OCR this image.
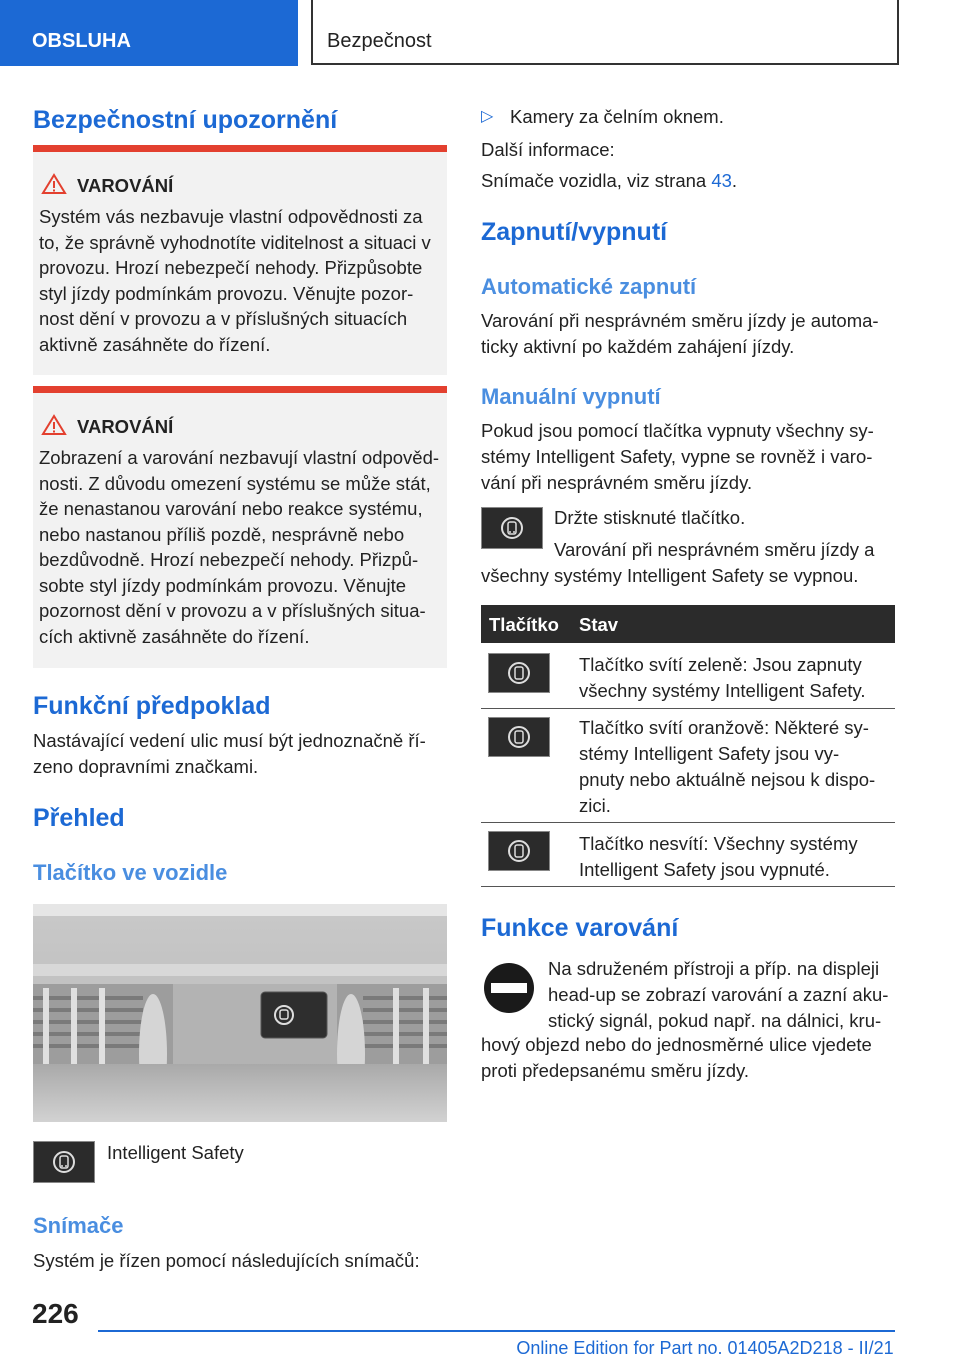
OBSLUHA	Bezpečnost
Bezpečnostní upozornění
VAROVÁNÍ
Systém vás nezbavuje vlastní odpovědnosti za
to, že správně vyhodnotíte viditelnost a situaci v
provozu. Hrozí nebezpečí nehody. Přizpůsobte
styl jízdy podmínkám provozu. Věnujte pozor-
nost dění v provozu a v příslušných situacích
aktivně zasáhněte do řízení.
VAROVÁNÍ
Zobrazení a varování nezbavují vlastní odpověd-
nosti. Z důvodu omezení systému se může stát,
že nenastanou varování nebo reakce systému,
nebo nastanou příliš pozdě, nesprávně nebo
bezdůvodně. Hrozí nebezpečí nehody. Přizpů-
sobte styl jízdy podmínkám provozu. Věnujte
pozornost dění v provozu a v příslušných situa-
cích aktivně zasáhněte do řízení.
Funkční předpoklad
Nastávající vedení ulic musí být jednoznačně ří-
zeno dopravními značkami.
Přehled
Tlačítko ve vozidle
Intelligent Safety
Snímače
Systém je řízen pomocí následujících snímačů:
▷ Kamery za čelním oknem.
Další informace:
Snímače vozidla, viz strana 43.
Zapnutí/vypnutí
Automatické zapnutí
Varování při nesprávném směru jízdy je automa-
ticky aktivní po každém zahájení jízdy.
Manuální vypnutí
Pokud jsou pomocí tlačítka vypnuty všechny sy-
stémy Intelligent Safety, vypne se rovněž i varo-
vání při nesprávném směru jízdy.
Držte stisknuté tlačítko.
Varování při nesprávném směru jízdy a
všechny systémy Intelligent Safety se vypnou.
Tlačítko Stav
Tlačítko svítí zeleně: Jsou zapnuty
všechny systémy Intelligent Safety.
Tlačítko svítí oranžově: Některé sy-
stémy Intelligent Safety jsou vy-
pnuty nebo aktuálně nejsou k dispo-
zici.
Tlačítko nesvítí: Všechny systémy
Intelligent Safety jsou vypnuté.
Funkce varování
Na sdruženém přístroji a příp. na displeji
head-up se zobrazí varování a zazní aku-
stický signál, pokud např. na dálnici, kru-
hový objezd nebo do jednosměrné ulice vjedete
proti předepsanému směru jízdy.
226
Online Edition for Part no. 01405A2D218 - II/21
